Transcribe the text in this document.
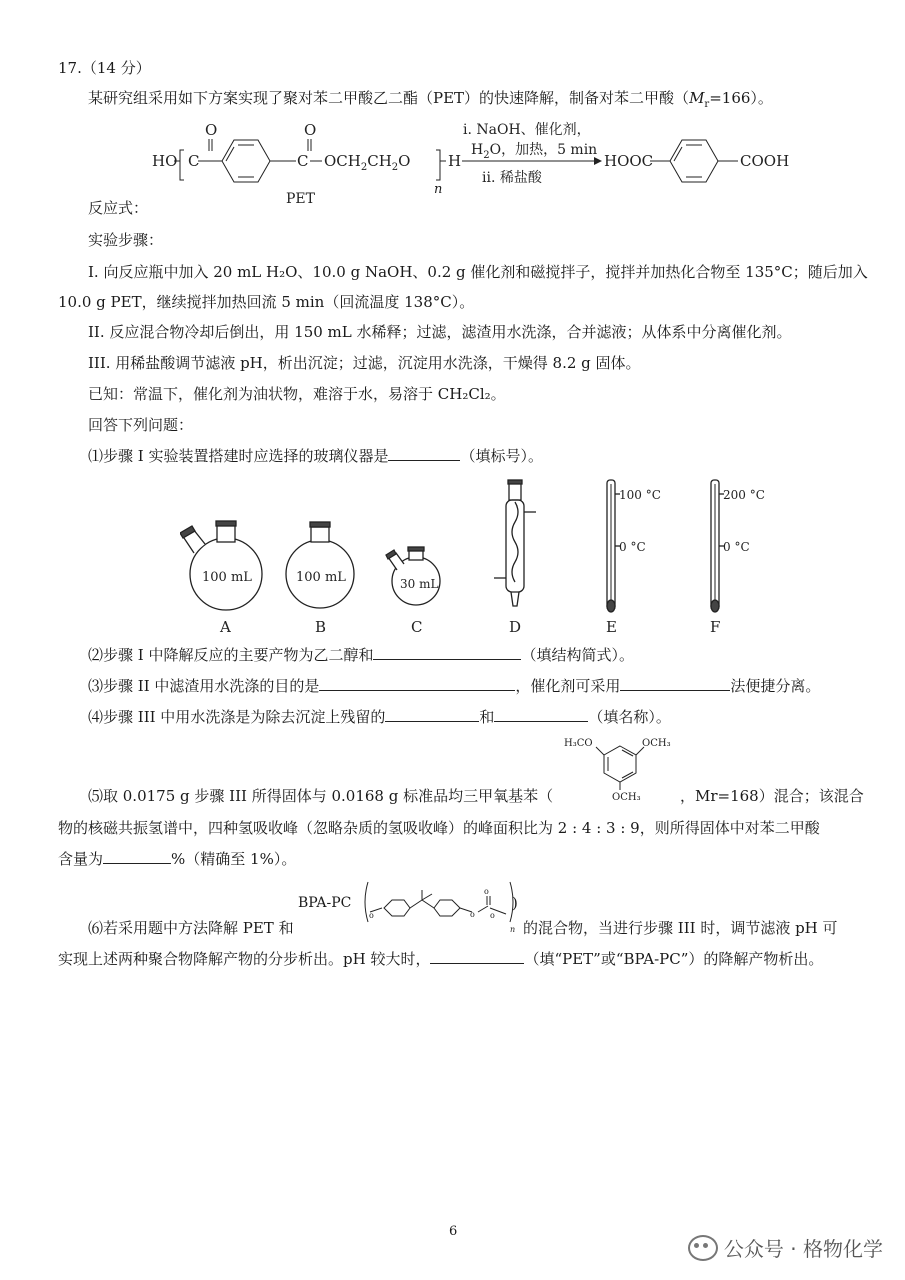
17.（14 分）
某研究组采用如下方案实现了聚对苯二甲酸乙二酯（PET）的快速降解，制备对苯二甲酸$(M_r=166)$。
HO C
O
C
O
$OCH_2CH_2O$	H
n
PET
i. NaOH、催化剂，
$H_2O$，加热，5 min
ii. 稀盐酸
HOOC	COOH
反应式：
实验步骤：
I. 向反应瓶中加入 20 mL H₂O、10.0 g NaOH、0.2 g 催化剂和磁搅拌子，搅拌并加热化合物至 135°C；随后加入
10.0 g PET，继续搅拌加热回流 5 min（回流温度 138°C）。
II. 反应混合物冷却后倒出，用 150 mL 水稀释；过滤，滤渣用水洗涤，合并滤液；从体系中分离催化剂。
III. 用稀盐酸调节滤液 pH，析出沉淀；过滤，沉淀用水洗涤，干燥得 8.2 g 固体。
已知：常温下，催化剂为油状物，难溶于水，易溶于 CH₂Cl₂。
回答下列问题：
⑴步骤 I 实验装置搭建时应选择的玻璃仪器是	（填标号）。
100 mL	100 mL	30 mL
100 °C
0 °C
200 °C
0 °C
A	B	C	D	E	F
⑵步骤 I 中降解反应的主要产物为乙二醇和	（填结构简式）。
⑶步骤 II 中滤渣用水洗涤的目的是	，催化剂可采用	法便捷分离。
⑷步骤 III 中用水洗涤是为除去沉淀上残留的	和	（填名称）。
H₃CO	OCH₃
OCH₃
⑸取 0.0175 g 步骤 III 所得固体与 0.0168 g 标准品均三甲氧基苯（	，Mr=168）混合；该混合
物的核磁共振氢谱中，四种氢吸收峰（忽略杂质的氢吸收峰）的峰面积比为 2 : 4 : 3 : 9，则所得固体中对苯二甲酸
含量为	%（精确至 1%）。
BPA-PC
o	o
o
o
n
)
⑹若采用题中方法降解 PET 和	的混合物，当进行步骤 III 时，调节滤液 pH 可
实现上述两种聚合物降解产物的分步析出。pH 较大时，	（填“PET”或“BPA-PC”）的降解产物析出。
6
公众号 · 格物化学
